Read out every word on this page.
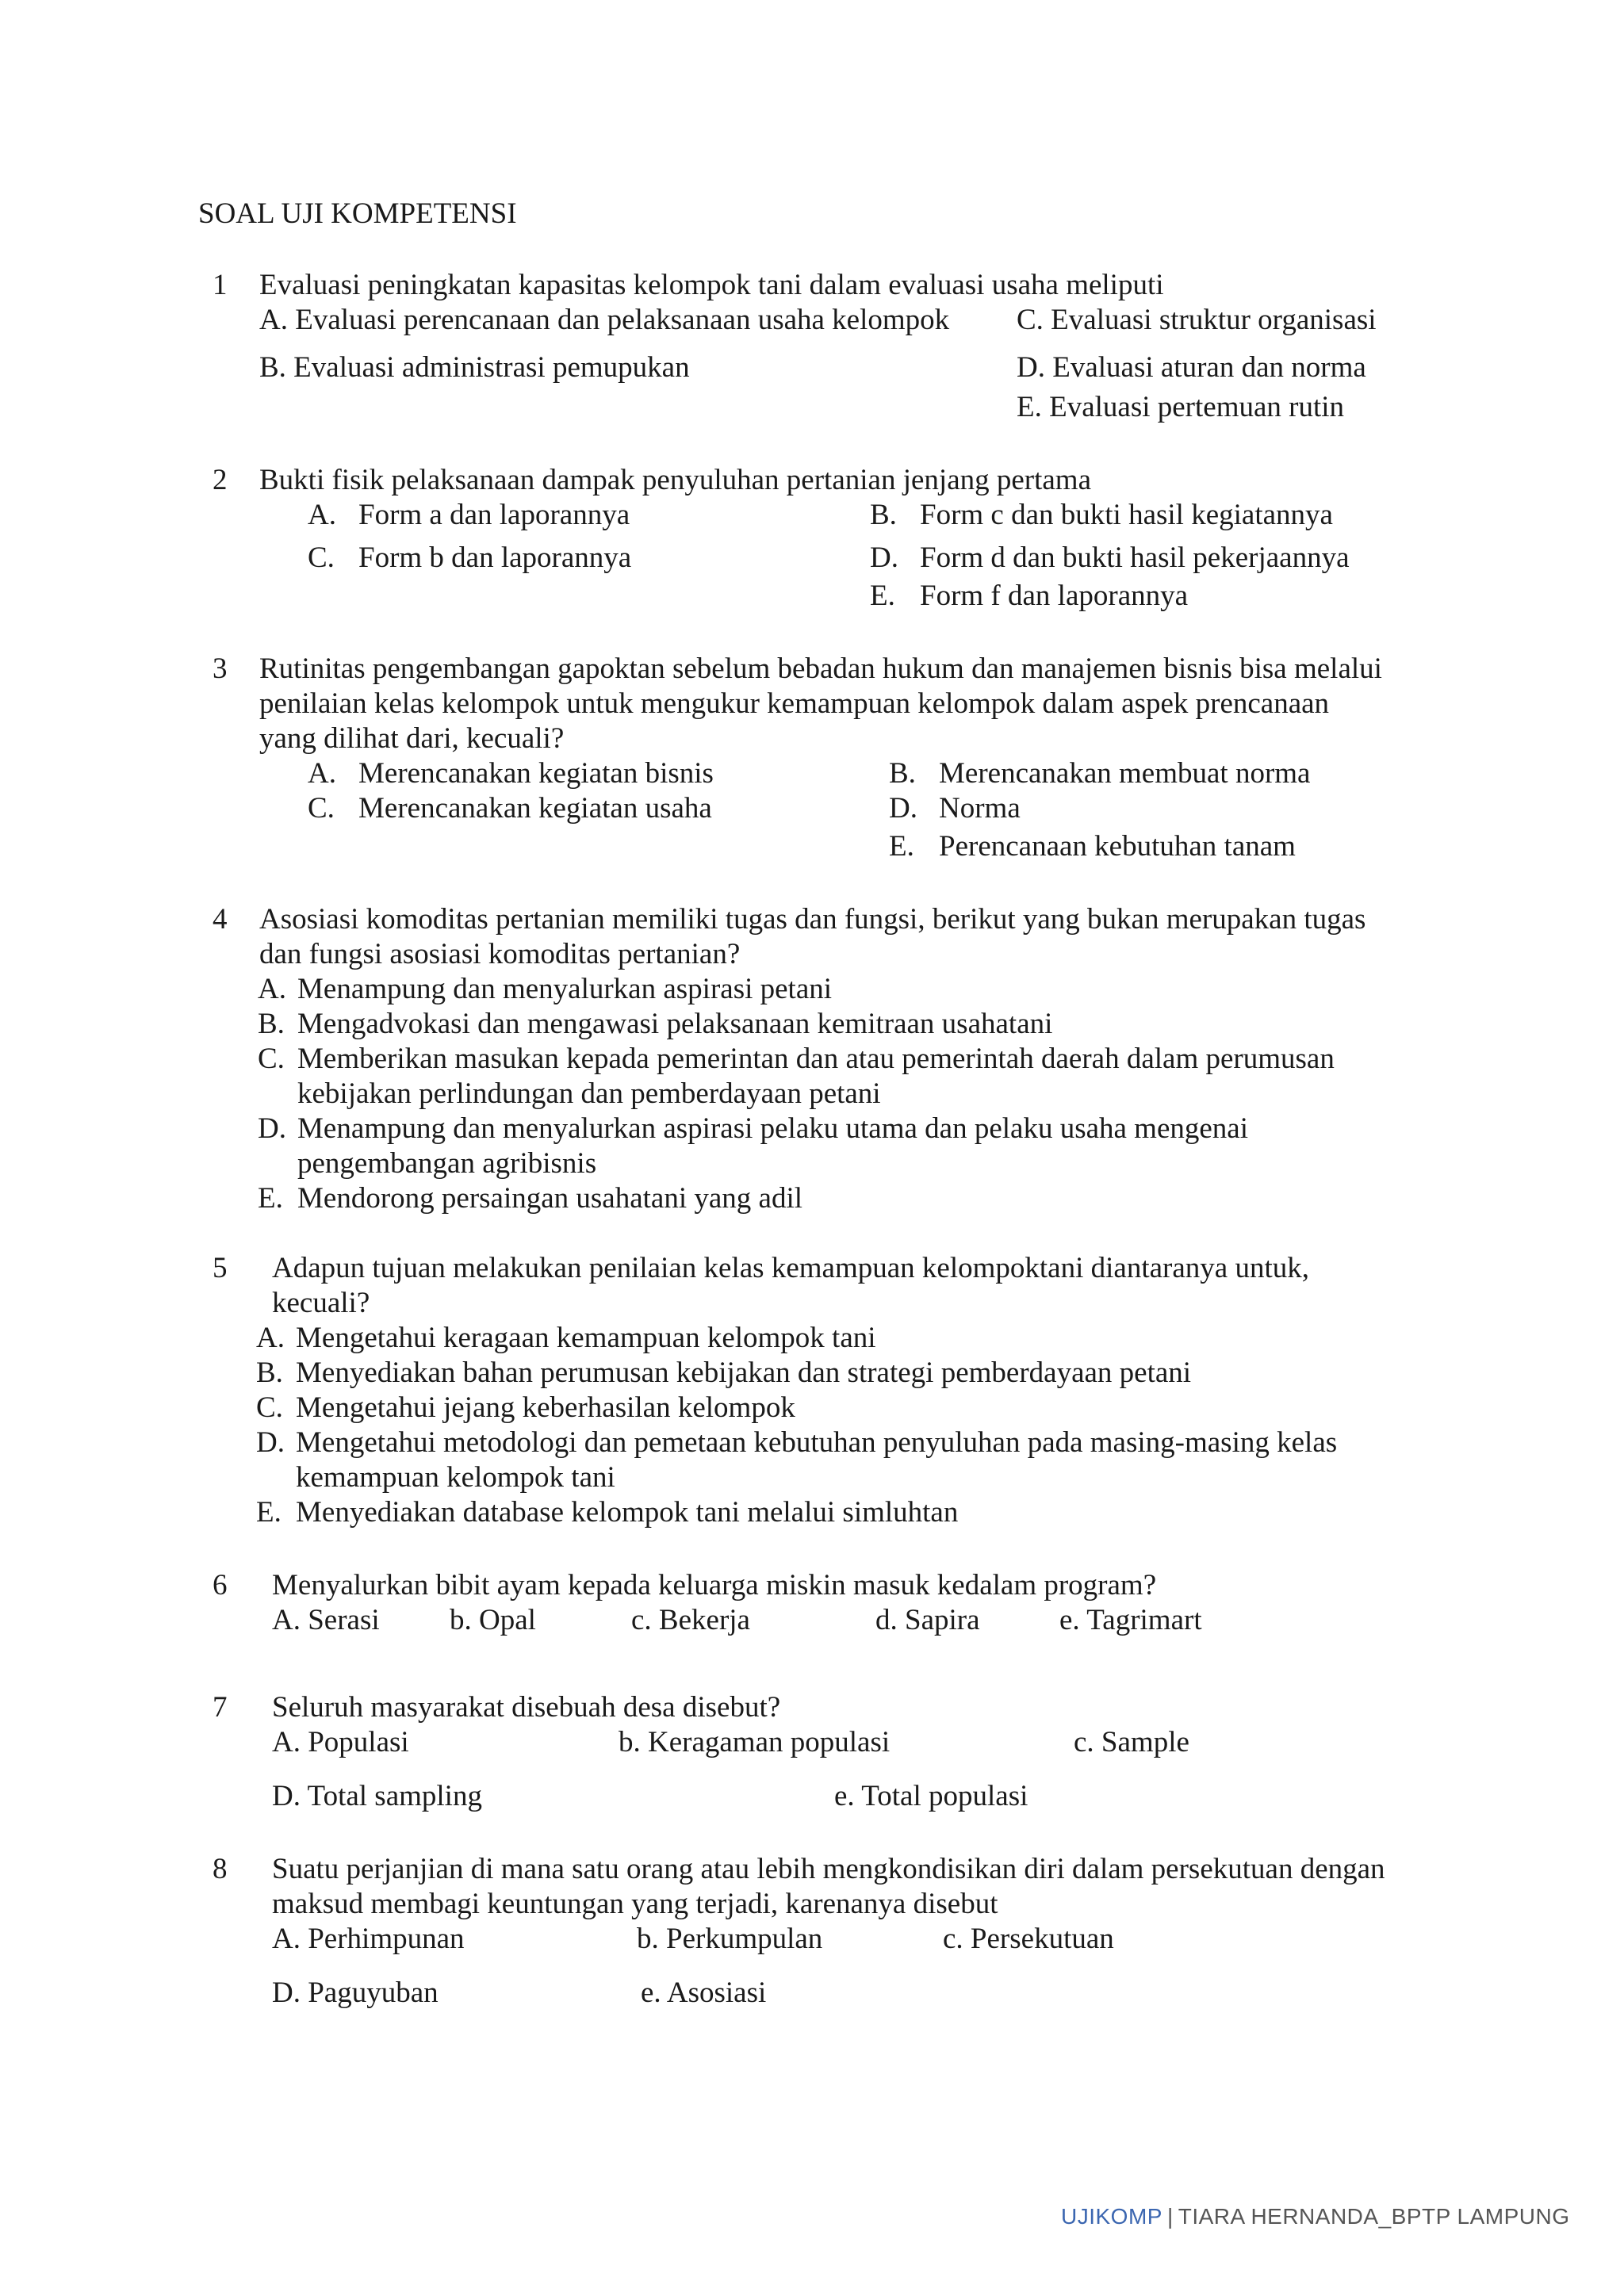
SOAL UJI KOMPETENSI
1 Evaluasi peningkatan kapasitas kelompok tani dalam evaluasi usaha meliputi
A. Evaluasi perencanaan dan pelaksanaan usaha kelompok C. Evaluasi struktur organisasi
B. Evaluasi administrasi pemupukan	D. Evaluasi aturan dan norma
E. Evaluasi pertemuan rutin
2 Bukti fisik pelaksanaan dampak penyuluhan pertanian jenjang pertama
A. Form a dan laporannya	B. Form c dan bukti hasil kegiatannya
C. Form b dan laporannya	D. Form d dan bukti hasil pekerjaannya
E. Form f dan laporannya
3 Rutinitas pengembangan gapoktan sebelum bebadan hukum dan manajemen bisnis bisa melalui
penilaian kelas kelompok untuk mengukur kemampuan kelompok dalam aspek prencanaan
yang dilihat dari, kecuali?
A. Merencanakan kegiatan bisnis	B. Merencanakan membuat norma
C. Merencanakan kegiatan usaha	D. Norma
E. Perencanaan kebutuhan tanam
4 Asosiasi komoditas pertanian memiliki tugas dan fungsi, berikut yang bukan merupakan tugas
dan fungsi asosiasi komoditas pertanian?
A. Menampung dan menyalurkan aspirasi petani
B. Mengadvokasi dan mengawasi pelaksanaan kemitraan usahatani
C. Memberikan masukan kepada pemerintan dan atau pemerintah daerah dalam perumusan
kebijakan perlindungan dan pemberdayaan petani
D. Menampung dan menyalurkan aspirasi pelaku utama dan pelaku usaha mengenai
pengembangan agribisnis
E. Mendorong persaingan usahatani yang adil
5 Adapun tujuan melakukan penilaian kelas kemampuan kelompoktani diantaranya untuk,
kecuali?
A. Mengetahui keragaan kemampuan kelompok tani
B. Menyediakan bahan perumusan kebijakan dan strategi pemberdayaan petani
C. Mengetahui jejang keberhasilan kelompok
D. Mengetahui metodologi dan pemetaan kebutuhan penyuluhan pada masing-masing kelas
kemampuan kelompok tani
E. Menyediakan database kelompok tani melalui simluhtan
6 Menyalurkan bibit ayam kepada keluarga miskin masuk kedalam program?
A. Serasi b. Opal	c. Bekerja	d. Sapira	e. Tagrimart
7 Seluruh masyarakat disebuah desa disebut?
A. Populasi	b. Keragaman populasi	c. Sample
D. Total sampling	e. Total populasi
8 Suatu perjanjian di mana satu orang atau lebih mengkondisikan diri dalam persekutuan dengan
maksud membagi keuntungan yang terjadi, karenanya disebut
A. Perhimpunan	b. Perkumpulan	c. Persekutuan
D. Paguyuban	e. Asosiasi
UJIKOMP | TIARA HERNANDA_BPTP LAMPUNG
